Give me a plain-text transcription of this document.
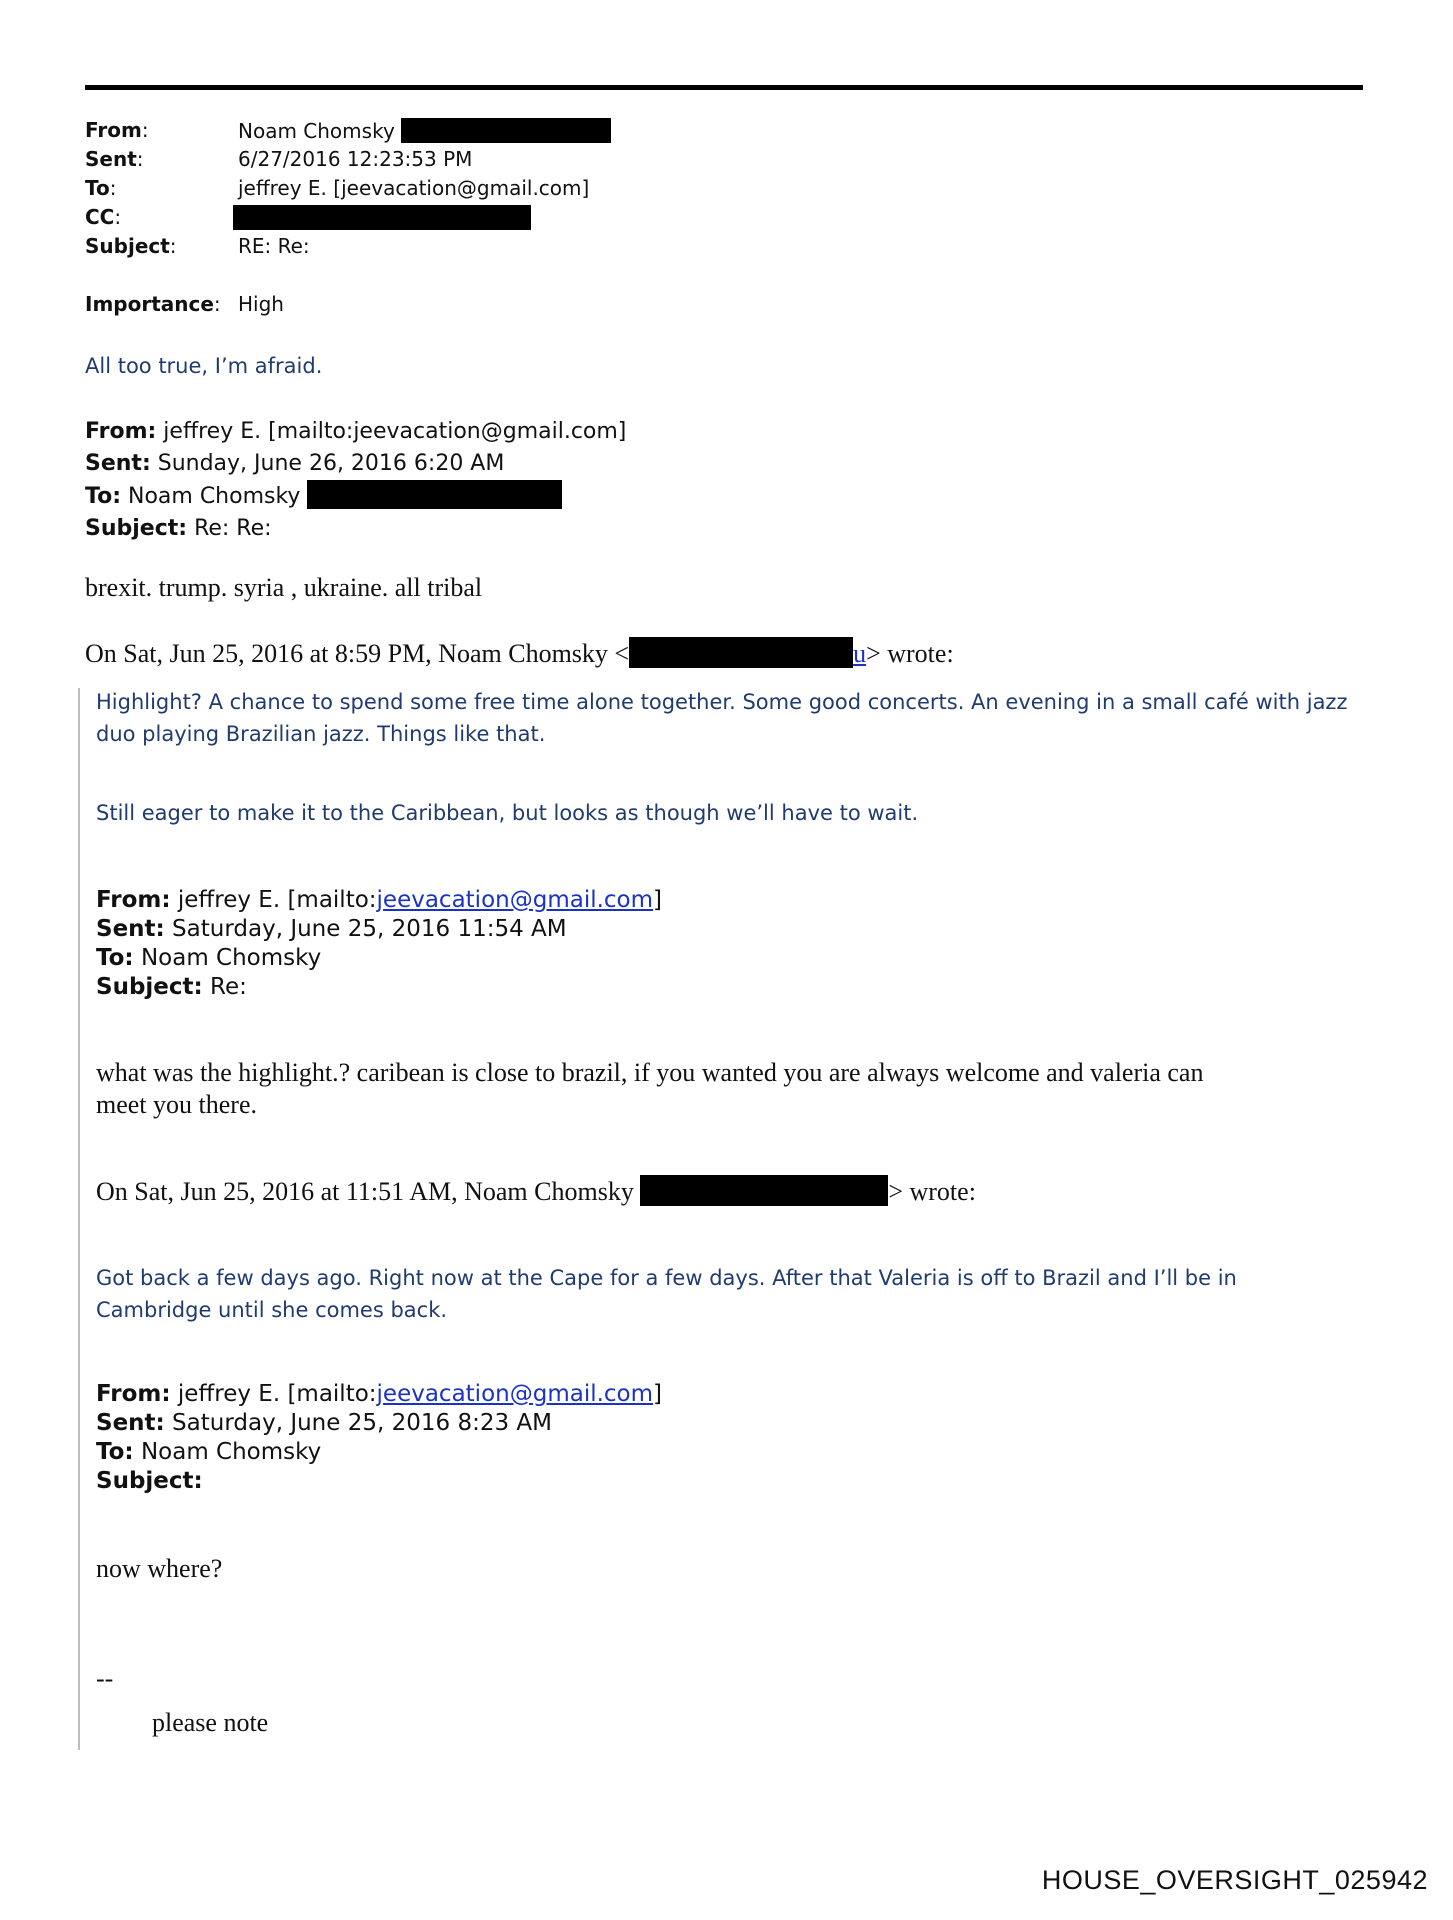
From:	Noam Chomsky
Sent:	6/27/2016 12:23:53 PM
To:	jeffrey E. [jeevacation@gmail.com]
CC:
Subject:	RE: Re:
Importance: High
All too true, I’m afraid.
From: jeffrey E. [mailto:jeevacation@gmail.com]
Sent: Sunday, June 26, 2016 6:20 AM
To: Noam Chomsky
Subject: Re: Re:
brexit. trump. syria , ukraine. all tribal
On Sat, Jun 25, 2016 at 8:59 PM, Noam Chomsky <	u> wrote:
Highlight? A chance to spend some free time alone together. Some good concerts. An evening in a small café with jazz
duo playing Brazilian jazz. Things like that.
Still eager to make it to the Caribbean, but looks as though we’ll have to wait.
From: jeffrey E. [mailto:jeevacation@gmail.com]
Sent: Saturday, June 25, 2016 11:54 AM
To: Noam Chomsky
Subject: Re:
what was the highlight.? caribean is close to brazil, if you wanted you are always welcome and valeria can
meet you there.
On Sat, Jun 25, 2016 at 11:51 AM, Noam Chomsky	> wrote:
Got back a few days ago. Right now at the Cape for a few days. After that Valeria is off to Brazil and I’ll be in
Cambridge until she comes back.
From: jeffrey E. [mailto:jeevacation@gmail.com]
Sent: Saturday, June 25, 2016 8:23 AM
To: Noam Chomsky
Subject:
now where?
--
please note
HOUSE_OVERSIGHT_025942
